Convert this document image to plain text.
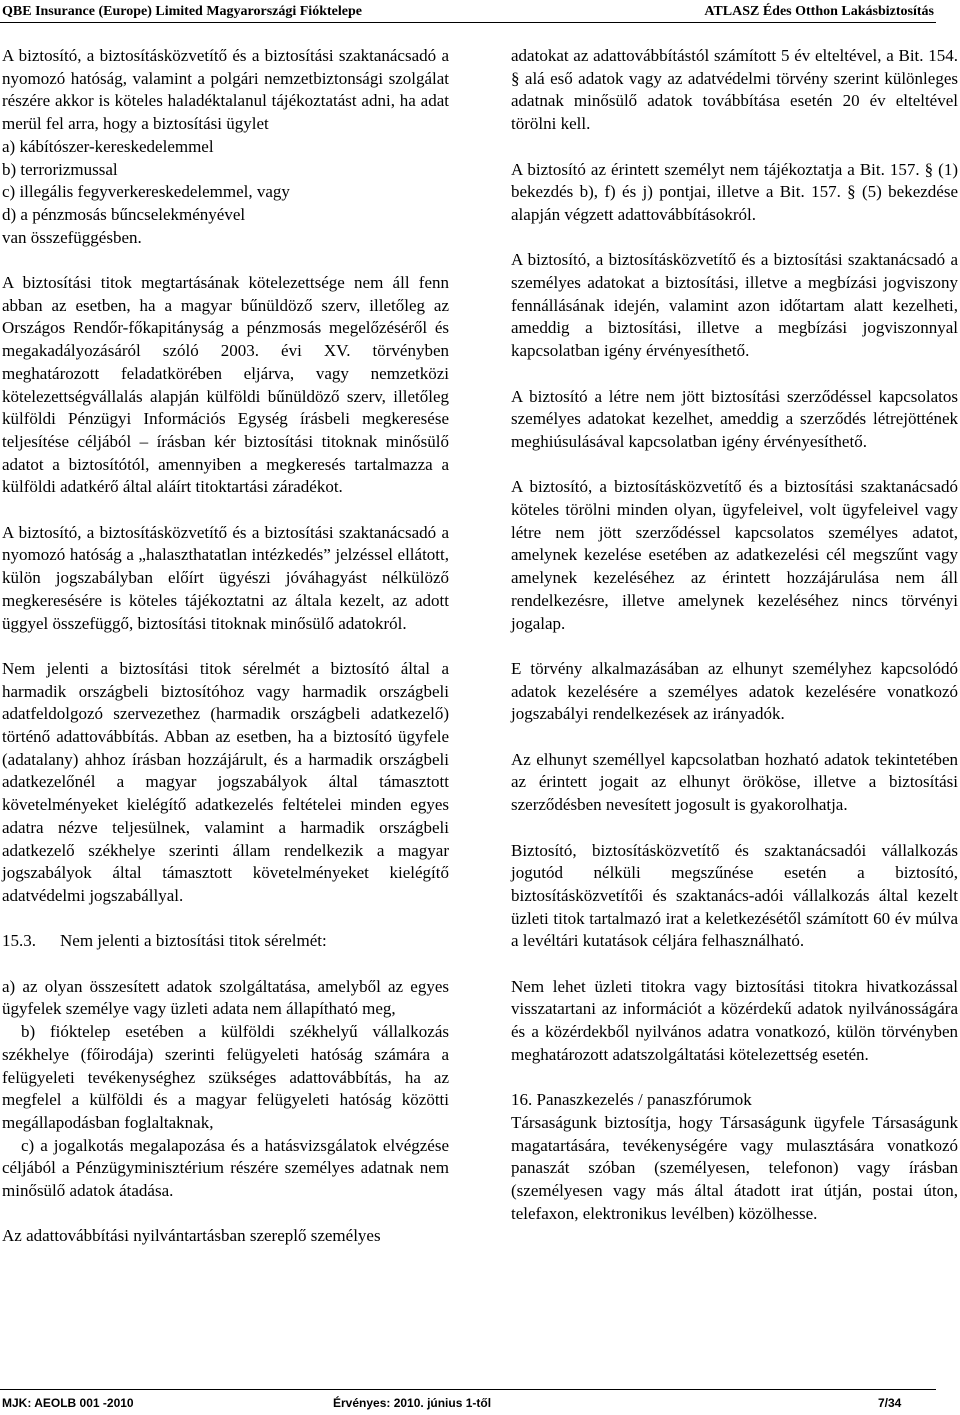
QBE Insurance (Europe) Limited Magyarországi Fióktelepe	ATLASZ Édes Otthon Lakásbiztosítás

A biztosító, a biztosításközvetítő és a biztosítási szaktanácsadó a nyomozó hatóság, valamint a polgári nemzetbiztonsági szolgálat részére akkor is köteles haladéktalanul tájékoztatást adni, ha adat merül fel arra, hogy a biztosítási ügylet

a) kábítószer-kereskedelemmel
b) terrorizmussal
c) illegális fegyverkereskedelemmel, vagy
d) a pénzmosás bűncselekményével
van összefüggésben.

A biztosítási titok megtartásának kötelezettsége nem áll fenn abban az esetben, ha a magyar bűnüldöző szerv, illetőleg az Országos Rendőr-főkapitányság a pénzmosás megelőzéséről és megakadályozásáról szóló 2003. évi XV. törvényben meghatározott feladatkörében eljárva, vagy nemzetközi kötelezettségvállalás alapján külföldi bűnüldöző szerv, illetőleg külföldi Pénzügyi Információs Egység írásbeli megkeresése teljesítése céljából – írásban kér biztosítási titoknak minősülő adatot a biztosítótól, amennyiben a megkeresés tartalmazza a külföldi adatkérő által aláírt titoktartási záradékot.

A biztosító, a biztosításközvetítő és a biztosítási szaktanácsadó a nyomozó hatóság a „halaszthatatlan intézkedés” jelzéssel ellátott, külön jogszabályban előírt ügyészi jóváhagyást nélkülöző megkeresésére is köteles tájékoztatni az általa kezelt, az adott üggyel összefüggő, biztosítási titoknak minősülő adatokról.

Nem jelenti a biztosítási titok sérelmét a biztosító által a harmadik országbeli biztosítóhoz vagy harmadik országbeli adatfeldolgozó szervezethez (harmadik országbeli adatkezelő) történő adattovábbítás. Abban az esetben, ha a biztosító ügyfele (adatalany) ahhoz írásban hozzájárult, és a harmadik országbeli adatkezelőnél a magyar jogszabályok által támasztott követelményeket kielégítő adatkezelés feltételei minden egyes adatra nézve teljesülnek, valamint a harmadik országbeli adatkezelő székhelye szerinti állam rendelkezik a magyar jogszabályok által támasztott követelményeket kielégítő adatvédelmi jogszabállyal.

15.3. Nem jelenti a biztosítási titok sérelmét:

a) az olyan összesített adatok szolgáltatása, amelyből az egyes ügyfelek személye vagy üzleti adata nem állapítható meg,

b) fióktelep esetében a külföldi székhelyű vállalkozás székhelye (főirodája) szerinti felügyeleti hatóság számára a felügyeleti tevékenységhez szükséges adattovábbítás, ha az megfelel a külföldi és a magyar felügyeleti hatóság közötti megállapodásban foglaltaknak,

c) a jogalkotás megalapozása és a hatásvizsgálatok elvégzése céljából a Pénzügyminisztérium részére személyes adatnak nem minősülő adatok átadása.

Az adattovábbítási nyilvántartásban szereplő személyes

adatokat az adattovábbítástól számított 5 év elteltével, a Bit. 154. § alá eső adatok vagy az adatvédelmi törvény szerint különleges adatnak minősülő adatok továbbítása esetén 20 év elteltével törölni kell.

A biztosító az érintett személyt nem tájékoztatja a Bit. 157. § (1) bekezdés b), f) és j) pontjai, illetve a Bit. 157. § (5) bekezdése alapján végzett adattovábbításokról.

A biztosító, a biztosításközvetítő és a biztosítási szaktanácsadó a személyes adatokat a biztosítási, illetve a megbízási jogviszony fennállásának idején, valamint azon időtartam alatt kezelheti, ameddig a biztosítási, illetve a megbízási jogviszonnyal kapcsolatban igény érvényesíthető.

A biztosító a létre nem jött biztosítási szerződéssel kapcsolatos személyes adatokat kezelhet, ameddig a szerződés létrejöttének meghiúsulásával kapcsolatban igény érvényesíthető.

A biztosító, a biztosításközvetítő és a biztosítási szaktanácsadó köteles törölni minden olyan, ügyfeleivel, volt ügyfeleivel vagy létre nem jött szerződéssel kapcsolatos személyes adatot, amelynek kezelése esetében az adatkezelési cél megszűnt vagy amelynek kezeléséhez az érintett hozzájárulása nem áll rendelkezésre, illetve amelynek kezeléséhez nincs törvényi jogalap.

E törvény alkalmazásában az elhunyt személyhez kapcsolódó adatok kezelésére a személyes adatok kezelésére vonatkozó jogszabályi rendelkezések az irányadók.

Az elhunyt személlyel kapcsolatban hozható adatok tekintetében az érintett jogait az elhunyt örököse, illetve a biztosítási szerződésben nevesített jogosult is gyakorolhatja.

Biztosító, biztosításközvetítő és szaktanácsadói vállalkozás jogutód nélküli megszűnése esetén a biztosító, biztosításközvetítői és szaktanács-adói vállalkozás által kezelt üzleti titok tartalmazó irat a keletkezésétől számított 60 év múlva a levéltári kutatások céljára felhasználható.

Nem lehet üzleti titokra vagy biztosítási titokra hivatkozással visszatartani az információt a közérdekű adatok nyilvánosságára és a közérdekből nyilvános adatra vonatkozó, külön törvényben meghatározott adatszolgáltatási kötelezettség esetén.

16. Panaszkezelés / panaszfórumok

Társaságunk biztosítja, hogy Társaságunk ügyfele Társaságunk magatartására, tevékenységére vagy mulasztására vonatkozó panaszát szóban (személyesen, telefonon) vagy írásban (személyesen vagy más által átadott irat útján, postai úton, telefaxon, elektronikus levélben) közölhesse.

MJK: AEOLB 001 -2010	Érvényes: 2010. június 1-től	7/34
